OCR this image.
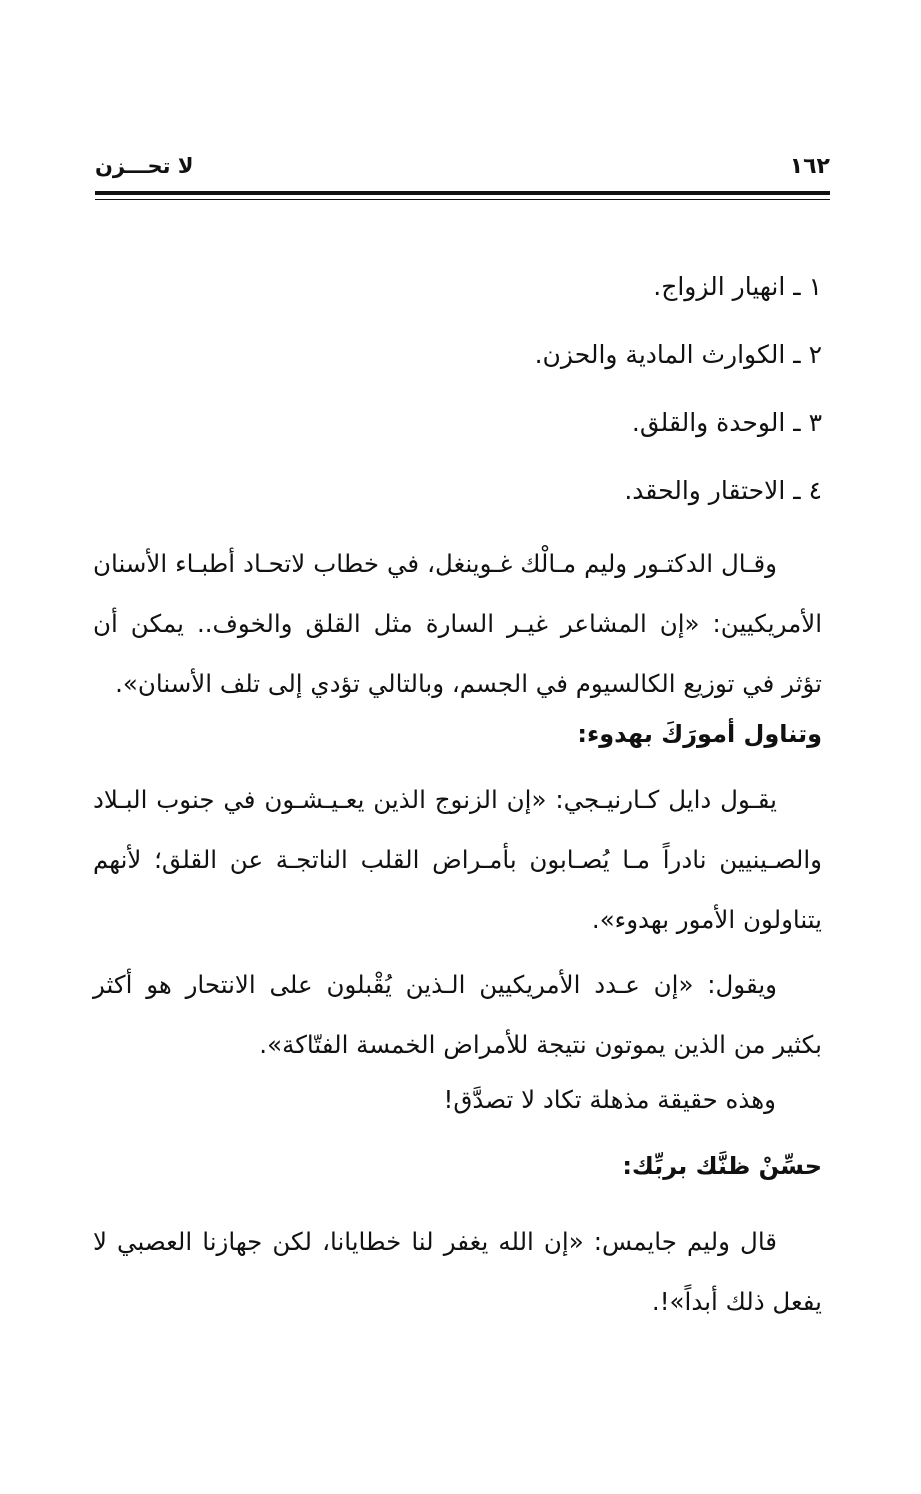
لا تحـــزن	١٦٢
١ ـ انهيار الزواج.
٢ ـ الكوارث المادية والحزن.
٣ ـ الوحدة والقلق.
٤ ـ الاحتقار والحقد.
وقـال الدكتـور وليم مـالْك غـوينغل، في خطاب لاتحـاد أطبـاء الأسنان الأمريكيين: «إن المشاعر غيـر السارة مثل القلق والخوف.. يمكن أن تؤثر في توزيع الكالسيوم في الجسم، وبالتالي تؤدي إلى تلف الأسنان».
وتناول أمورَكَ بهدوء:
يقـول دايل كـارنيـجي: «إن الزنوج الذين يعـيـشـون في جنوب البـلاد والصـينيين نادراً مـا يُصـابون بأمـراض القلب الناتجـة عن القلق؛ لأنهم يتناولون الأمور بهدوء».
ويقول: «إن عـدد الأمريكيين الـذين يُقْبلون على الانتحار هو أكثر بكثير من الذين يموتون نتيجة للأمراض الخمسة الفتّاكة».
وهذه حقيقة مذهلة تكاد لا تصدَّق!
حسِّنْ ظنَّك بربِّك:
قال وليم جايمس: «إن الله يغفر لنا خطايانا، لكن جهازنا العصبي لا يفعل ذلك أبداً»!.
